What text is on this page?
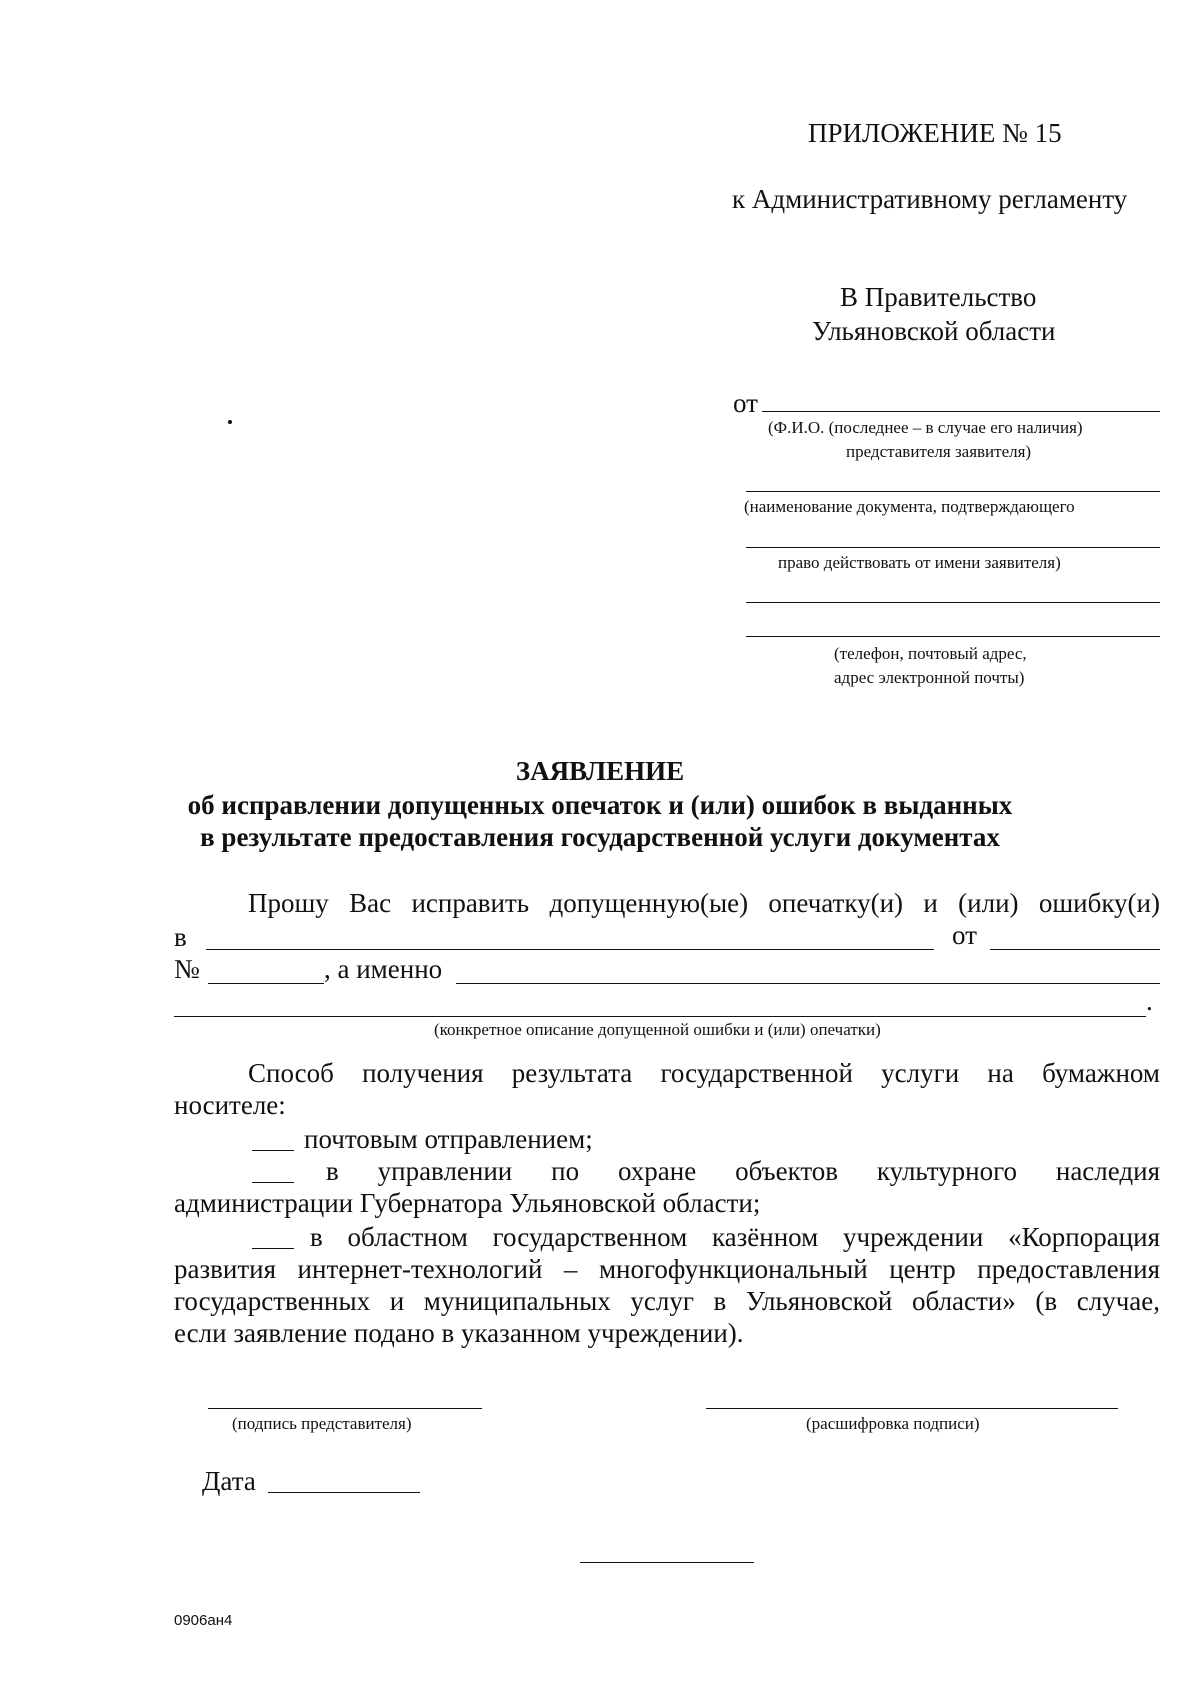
ПРИЛОЖЕНИЕ № 15
к Административному регламенту
В Правительство
Ульяновской области
от
(Ф.И.О. (последнее – в случае его наличия)
представителя заявителя)
(наименование документа, подтверждающего
право действовать от имени заявителя)
(телефон, почтовый адрес,
адрес электронной почты)
ЗАЯВЛЕНИЕ
об исправлении допущенных опечаток и (или) ошибок в выданных
в результате предоставления государственной услуги документах
Прошу Вас исправить допущенную(ые) опечатку(и) и (или) ошибку(и)
в	от
№	, а именно
.
(конкретное описание допущенной ошибки и (или) опечатки)
Способ получения результата государственной услуги на бумажном
носителе:
почтовым отправлением;
в управлении по охране объектов культурного наследия
администрации Губернатора Ульяновской области;
в областном государственном казённом учреждении «Корпорация
развития интернет-технологий – многофункциональный центр предоставления
государственных и муниципальных услуг в Ульяновской области» (в случае,
если заявление подано в указанном учреждении).
(подпись представителя)	(расшифровка подписи)
Дата
0906ан4
